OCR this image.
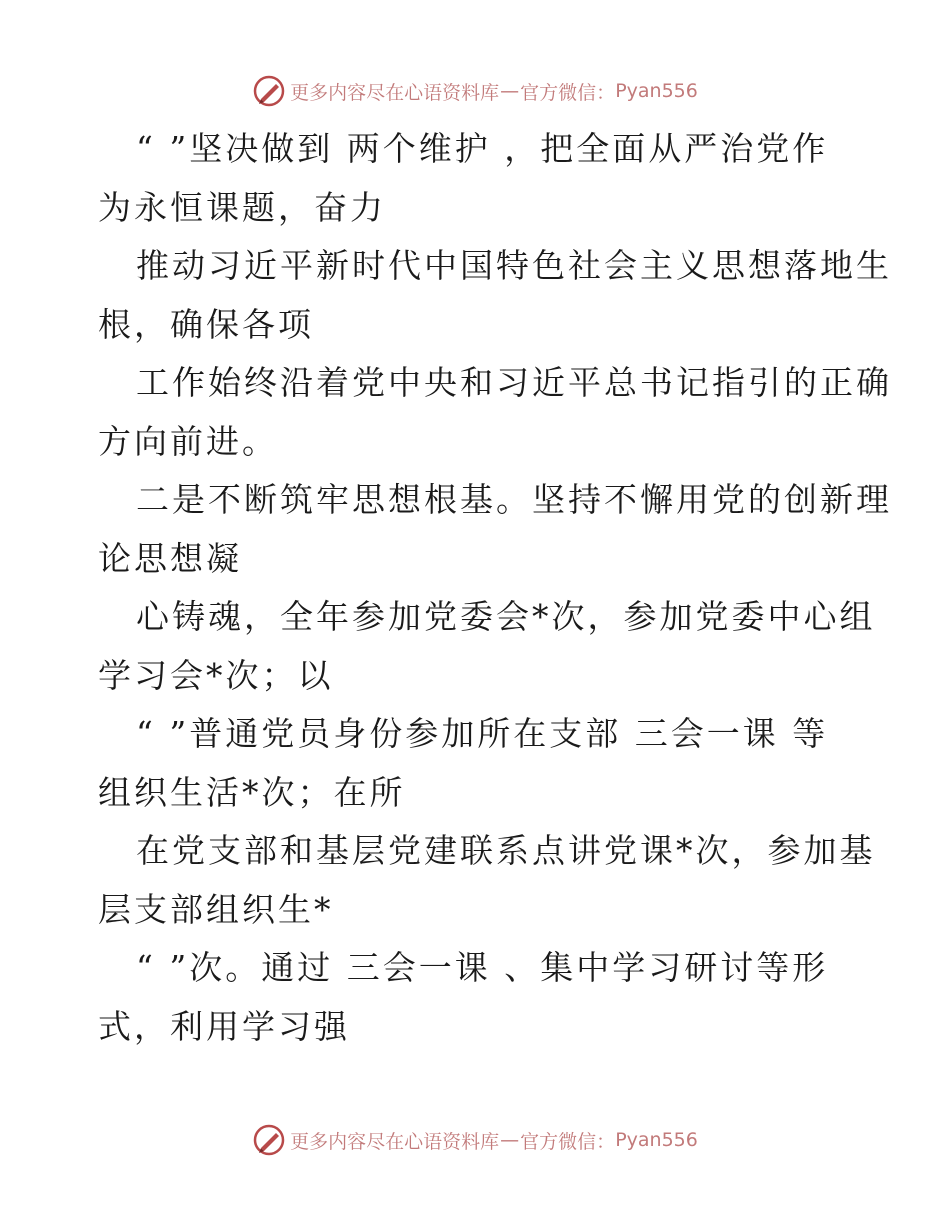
更多内容尽在心语资料库 — 官方微信： Pyan556
“ ”坚决做到 两个维护 ，把全面从严治党作
为永恒课题，奋力
推动习近平新时代中国特色社会主义思想落地生
根，确保各项
工作始终沿着党中央和习近平总书记指引的正确
方向前进。
二是不断筑牢思想根基。坚持不懈用党的创新理
论思想凝
心铸魂，全年参加党委会*次，参加党委中心组
学习会*次；以
“ ”普通党员身份参加所在支部 三会一课 等
组织生活*次；在所
在党支部和基层党建联系点讲党课*次，参加基
层支部组织生*
“ ”次。通过 三会一课 、集中学习研讨等形
式，利用学习强
更多内容尽在心语资料库 — 官方微信： Pyan556
